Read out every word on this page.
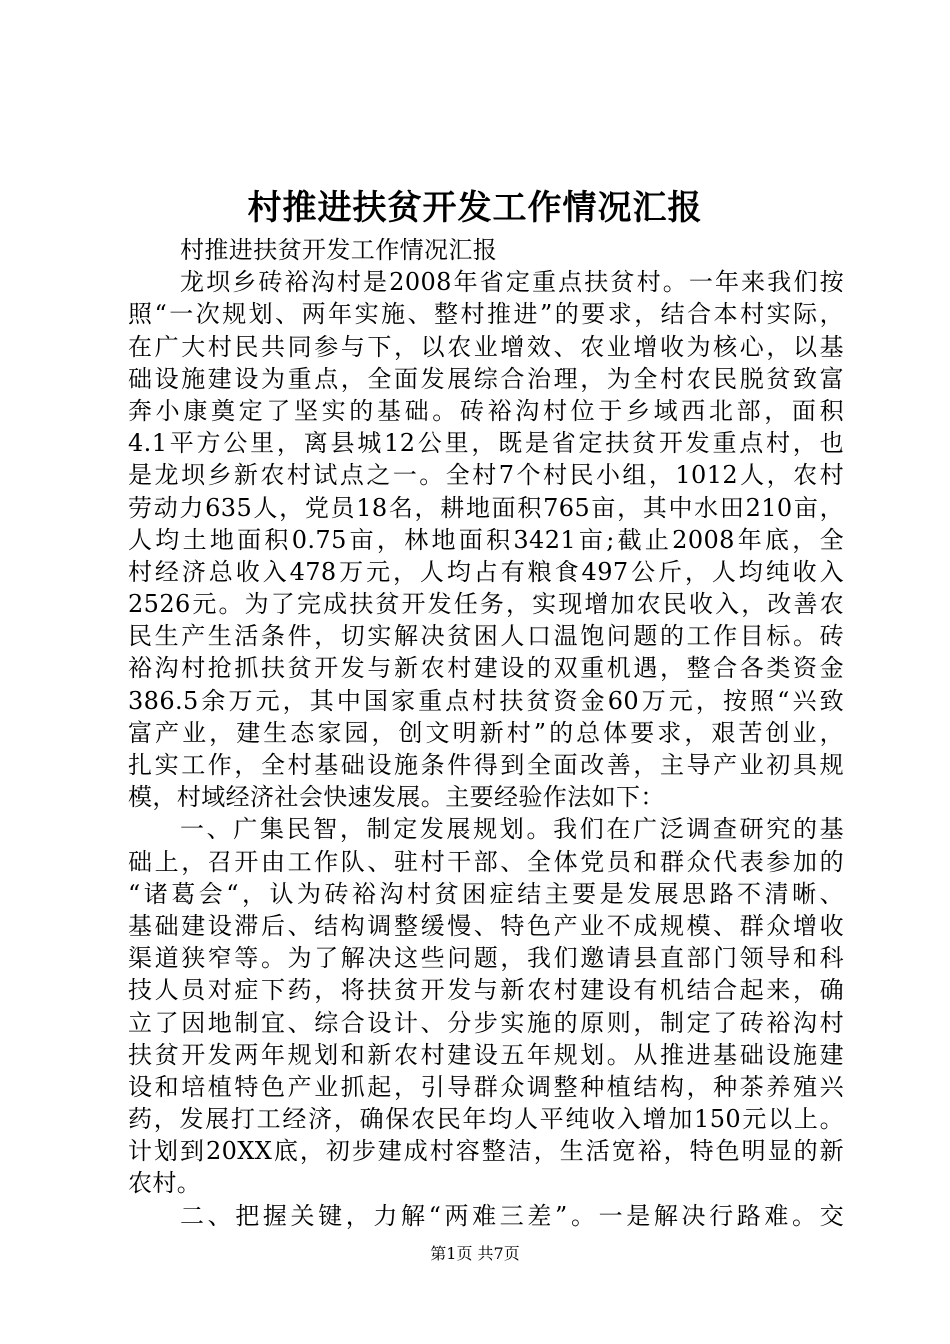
村推进扶贫开发工作情况汇报
村推进扶贫开发工作情况汇报
龙坝乡砖裕沟村是2008年省定重点扶贫村。一年来我们按
照“一次规划、两年实施、整村推进”的要求，结合本村实际，
在广大村民共同参与下，以农业增效、农业增收为核心，以基
础设施建设为重点，全面发展综合治理，为全村农民脱贫致富
奔小康奠定了坚实的基础。砖裕沟村位于乡域西北部，面积
4.1平方公里，离县城12公里，既是省定扶贫开发重点村，也
是龙坝乡新农村试点之一。全村7个村民小组，1012人，农村
劳动力635人，党员18名，耕地面积765亩，其中水田210亩，
人均土地面积0.75亩，林地面积3421亩;截止2008年底，全
村经济总收入478万元，人均占有粮食497公斤，人均纯收入
2526元。为了完成扶贫开发任务，实现增加农民收入，改善农
民生产生活条件，切实解决贫困人口温饱问题的工作目标。砖
裕沟村抢抓扶贫开发与新农村建设的双重机遇，整合各类资金
386.5余万元，其中国家重点村扶贫资金60万元，按照“兴致
富产业，建生态家园，创文明新村”的总体要求，艰苦创业，
扎实工作，全村基础设施条件得到全面改善，主导产业初具规
模，村域经济社会快速发展。主要经验作法如下：
一、广集民智，制定发展规划。我们在广泛调查研究的基
础上，召开由工作队、驻村干部、全体党员和群众代表参加的
“诸葛会“，认为砖裕沟村贫困症结主要是发展思路不清晰、
基础建设滞后、结构调整缓慢、特色产业不成规模、群众增收
渠道狭窄等。为了解决这些问题，我们邀请县直部门领导和科
技人员对症下药，将扶贫开发与新农村建设有机结合起来，确
立了因地制宜、综合设计、分步实施的原则，制定了砖裕沟村
扶贫开发两年规划和新农村建设五年规划。从推进基础设施建
设和培植特色产业抓起，引导群众调整种植结构，种茶养殖兴
药，发展打工经济，确保农民年均人平纯收入增加150元以上。
计划到20XX底，初步建成村容整洁，生活宽裕，特色明显的新
农村。
二、把握关键，力解“两难三差”。一是解决行路难。交
第1页 共7页
